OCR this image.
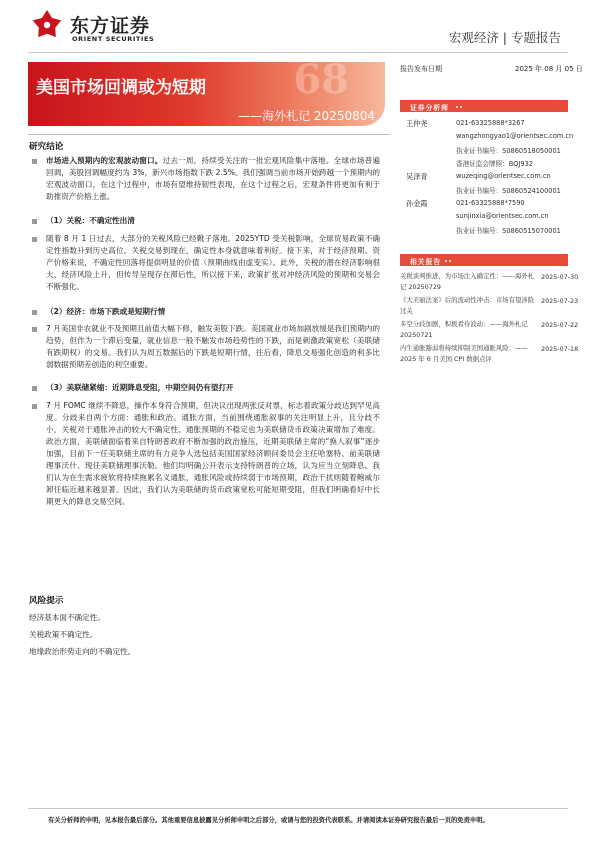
东方证券
ORIENT SECURITIES	宏观经济 | 专题报告
68
美国市场回调或为短期
——海外札记 20250804
报告发布日期	2025 年 08 月 05 日
证券分析师
王仲尧	021-63325888*3267
wangzhongyao1@orientsec.com.cn
执业证书编号：S0860518050001
香港证监会牌照：BQJ932
吴泽青	wuzeqing@orientsec.com.cn
执业证书编号：S0860524100001
孙金霞	021-63325888*7590
sunjinxia@orientsec.com.cn
执业证书编号：S0860515070001
相关报告
关税谈判推进，为市场注入确定性：——海外札记 20250729
2025-07-30
《大美丽法案》后的流动性冲击：市场有望涉险过关
2025-07-23
多空分歧加剧，积极看待波动：——海外札记 20250721
2025-07-22
内生通胀豁弱将持续抑制美国通胀风险：——2025 年 6 月美国 CPI 数据点评
2025-07-18
研究结论
市场进入预期内的宏观波动窗口。过去一周，持续受关注的一批宏观风险集中落地。全球市场普遍回调，美股回调幅度约为 3%，新兴市场指数下跌 2.5%。我们强调当前市场开始跨越一个预期内的宏观波动窗口，在这个过程中，市场有望维持韧性表现，在这个过程之后，宏观条件将更加有利于助推资产价格上涨。
（1）关税：不确定性出清
随着 8 月 1 日过去，大部分的关税风险已经靴子落地。2025YTD 受关税影响，全球贸易政策不确定性指数升到历史高位。关税交易到现在，确定性本身就意味着利好。接下来，对于经济预期、资产价格来说，不确定性回落将提供明显的价值（预期曲线由虚变实）。此外，关税的潜在经济影响很大，经济风险上升，但传导呈现存在滞后性，所以接下来，政策扩张对冲经济风险的预期和交易会不断强化。
（2）经济：市场下跌或是短期行情
7 月美国非农就业不及预期且前值大幅下修，触发美股下跌。美国就业市场加剧放缓是我们预期内的趋势，但作为一个滞后变量，就业信息一般不触发市场趋势性的下跌，而是刺激政策宽松（美联储有跌期权）的交易。我们认为周五数据后的下跌是短期行情，往后看，降息交易强化创造的利多比弱数据预期差创造的利空重要。
（3）美联储紧缩：近期降息受阻，中期空间仍有望打开
7 月 FOMC 继续不降息，操作本身符合预期，但决议出现两张反对票，标志着政策分歧达到罕见高度。分歧来自两个方面：通胀和政治。通胀方面，当前围绕通胀叙事的关注明显上升，且分歧不小，关税对于通胀冲击的较大不确定性、通胀预期的不稳定也为美联储货币政策决策增加了难度。政治方面，美联储面临着来自特朗普政府不断加强的政治施压，近期美联储主席的“换人叙事”逐步加强，目前下一任美联储主席的有力竞争人选包括美国国家经济顾问委员会主任哈塞特、前美联储理事沃什、现任美联储理事沃勒。他们均明确公开表示支持特朗普的立场，认为应当立刻降息。我们认为在生需求疲软将持续拖累名义通胀，通胀风险或持续弱于市场预期，政治干扰则随着鲍威尔卸任临近越来越显著。因此，我们认为美联储的货币政策宽松可能短期受阻，但我们明确看好中长期更大的降息交易空间。
风险提示
经济基本面不确定性。
关税政策不确定性。
地缘政治形势走向的不确定性。
有关分析师的申明，见本报告最后部分。其他重要信息披露见分析师申明之后部分，或请与您的投资代表联系。并请阅读本证券研究报告最后一页的免责申明。
